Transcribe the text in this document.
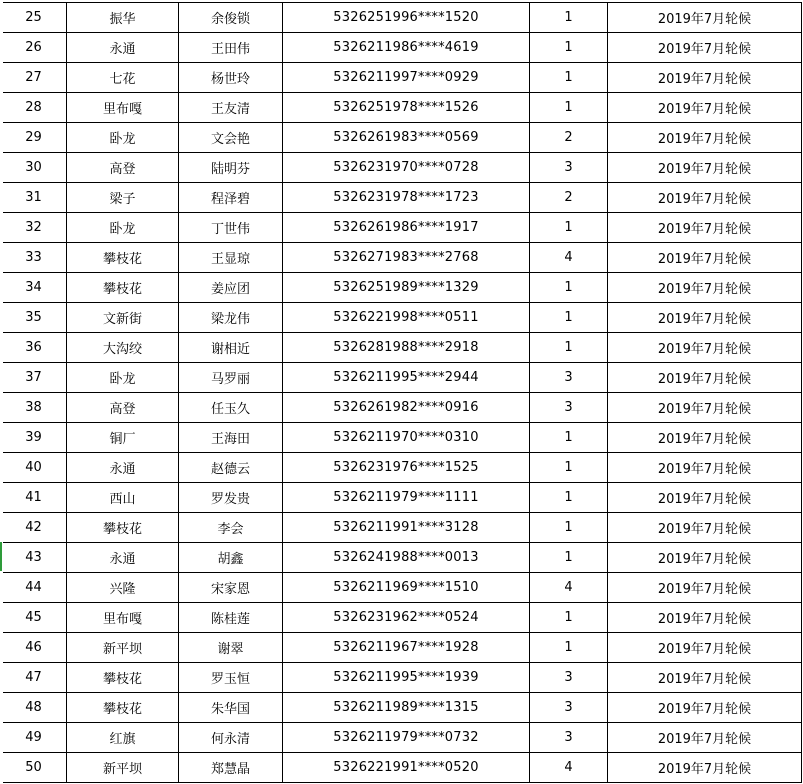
25	振华	余俊锁	5326251996****1520	1	2019年7月轮候
26	永通	王田伟	5326211986****4619	1	2019年7月轮候
27	七花	杨世玲	5326211997****0929	1	2019年7月轮候
28	里布嘎	王友清	5326251978****1526	1	2019年7月轮候
29	卧龙	文会艳	5326261983****0569	2	2019年7月轮候
30	高登	陆明芬	5326231970****0728	3	2019年7月轮候
31	梁子	程泽碧	5326231978****1723	2	2019年7月轮候
32	卧龙	丁世伟	5326261986****1917	1	2019年7月轮候
33	攀枝花	王显琼	5326271983****2768	4	2019年7月轮候
34	攀枝花	姜应团	5326251989****1329	1	2019年7月轮候
35	文新街	梁龙伟	5326221998****0511	1	2019年7月轮候
36	大沟绞	谢相近	5326281988****2918	1	2019年7月轮候
37	卧龙	马罗丽	5326211995****2944	3	2019年7月轮候
38	高登	任玉久	5326261982****0916	3	2019年7月轮候
39	铜厂	王海田	5326211970****0310	1	2019年7月轮候
40	永通	赵德云	5326231976****1525	1	2019年7月轮候
41	西山	罗发贵	5326211979****1111	1	2019年7月轮候
42	攀枝花	李会	5326211991****3128	1	2019年7月轮候
43	永通	胡鑫	5326241988****0013	1	2019年7月轮候
44	兴隆	宋家恩	5326211969****1510	4	2019年7月轮候
45	里布嘎	陈桂莲	5326231962****0524	1	2019年7月轮候
46	新平坝	谢翠	5326211967****1928	1	2019年7月轮候
47	攀枝花	罗玉恒	5326211995****1939	3	2019年7月轮候
48	攀枝花	朱华国	5326211989****1315	3	2019年7月轮候
49	红旗	何永清	5326211979****0732	3	2019年7月轮候
50	新平坝	郑慧晶	5326221991****0520	4	2019年7月轮候
